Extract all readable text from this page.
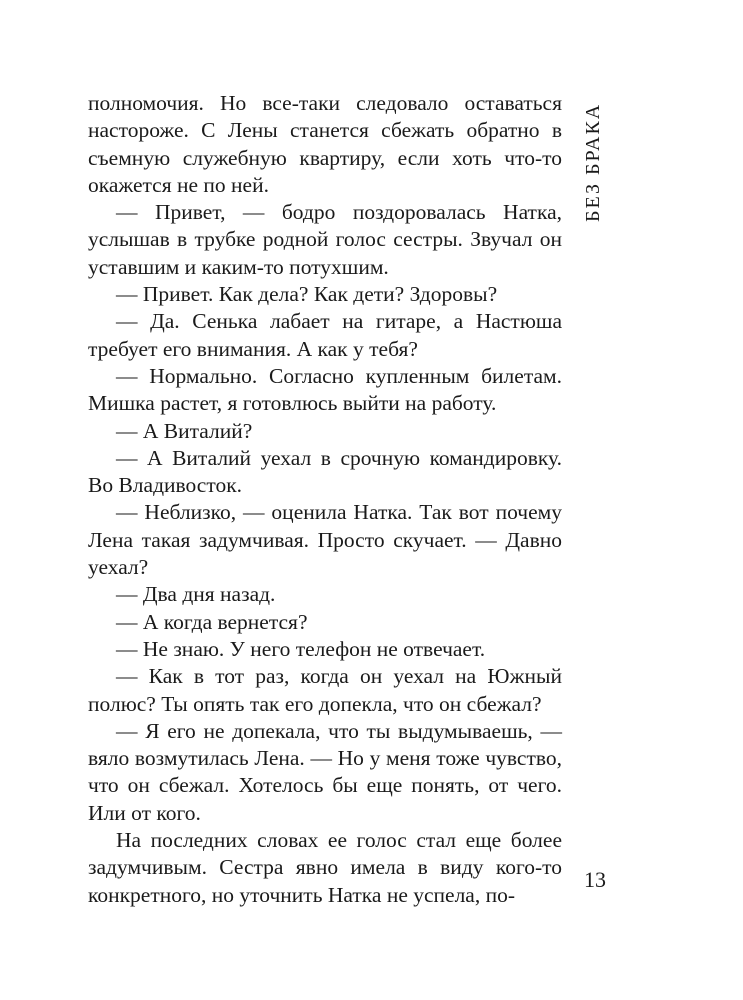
полномочия. Но все-таки следовало оставаться настороже. С Лены станется сбежать обратно в съемную служебную квартиру, если хоть что-то окажется не по ней.

— Привет, — бодро поздоровалась Натка, услышав в трубке родной голос сестры. Звучал он уставшим и каким-то потухшим.

— Привет. Как дела? Как дети? Здоровы?

— Да. Сенька лабает на гитаре, а Настюша требует его внимания. А как у тебя?

— Нормально. Согласно купленным билетам. Мишка растет, я готовлюсь выйти на работу.

— А Виталий?

— А Виталий уехал в срочную командировку. Во Владивосток.

— Неблизко, — оценила Натка. Так вот почему Лена такая задумчивая. Просто скучает. — Давно уехал?

— Два дня назад.

— А когда вернется?

— Не знаю. У него телефон не отвечает.

— Как в тот раз, когда он уехал на Южный полюс? Ты опять так его допекла, что он сбежал?

— Я его не допекала, что ты выдумываешь, — вяло возмутилась Лена. — Но у меня тоже чувство, что он сбежал. Хотелось бы еще понять, от чего. Или от кого.

На последних словах ее голос стал еще более задумчивым. Сестра явно имела в виду кого-то конкретного, но уточнить Натка не успела, по-

БЕЗ БРАКА
13
